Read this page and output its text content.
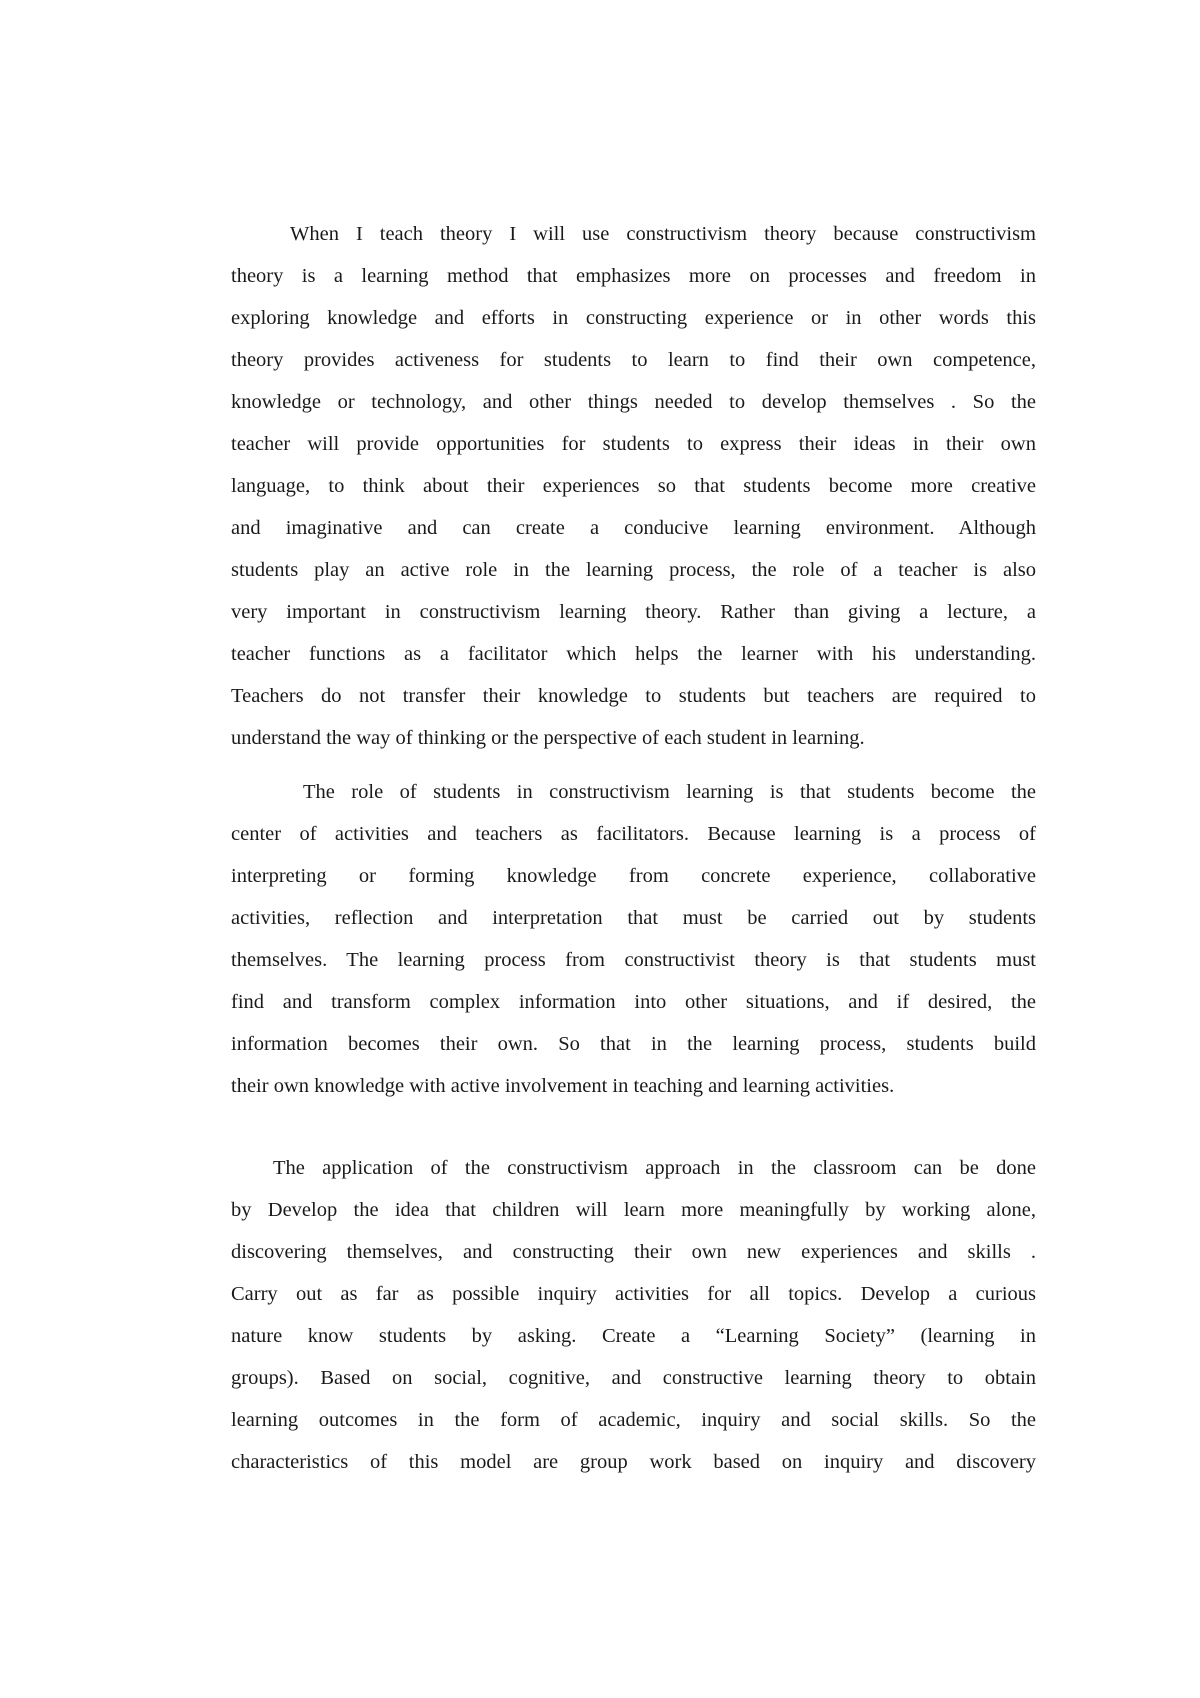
When I teach theory I will use constructivism theory because constructivism
theory is a learning method that emphasizes more on processes and freedom in
exploring knowledge and efforts in constructing experience or in other words this
theory provides activeness for students to learn to find their own competence,
knowledge or technology, and other things needed to develop themselves . So the
teacher will provide opportunities for students to express their ideas in their own
language, to think about their experiences so that students become more creative
and imaginative and can create a conducive learning environment. Although
students play an active role in the learning process, the role of a teacher is also
very important in constructivism learning theory. Rather than giving a lecture, a
teacher functions as a facilitator which helps the learner with his understanding.
Teachers do not transfer their knowledge to students but teachers are required to
understand the way of thinking or the perspective of each student in learning.
The role of students in constructivism learning is that students become the
center of activities and teachers as facilitators. Because learning is a process of
interpreting or forming knowledge from concrete experience, collaborative
activities, reflection and interpretation that must be carried out by students
themselves. The learning process from constructivist theory is that students must
find and transform complex information into other situations, and if desired, the
information becomes their own. So that in the learning process, students build
their own knowledge with active involvement in teaching and learning activities.
The application of the constructivism approach in the classroom can be done
by Develop the idea that children will learn more meaningfully by working alone,
discovering themselves, and constructing their own new experiences and skills .
Carry out as far as possible inquiry activities for all topics. Develop a curious
nature know students by asking. Create a “Learning Society” (learning in
groups). Based on social, cognitive, and constructive learning theory to obtain
learning outcomes in the form of academic, inquiry and social skills. So the
characteristics of this model are group work based on inquiry and discovery
